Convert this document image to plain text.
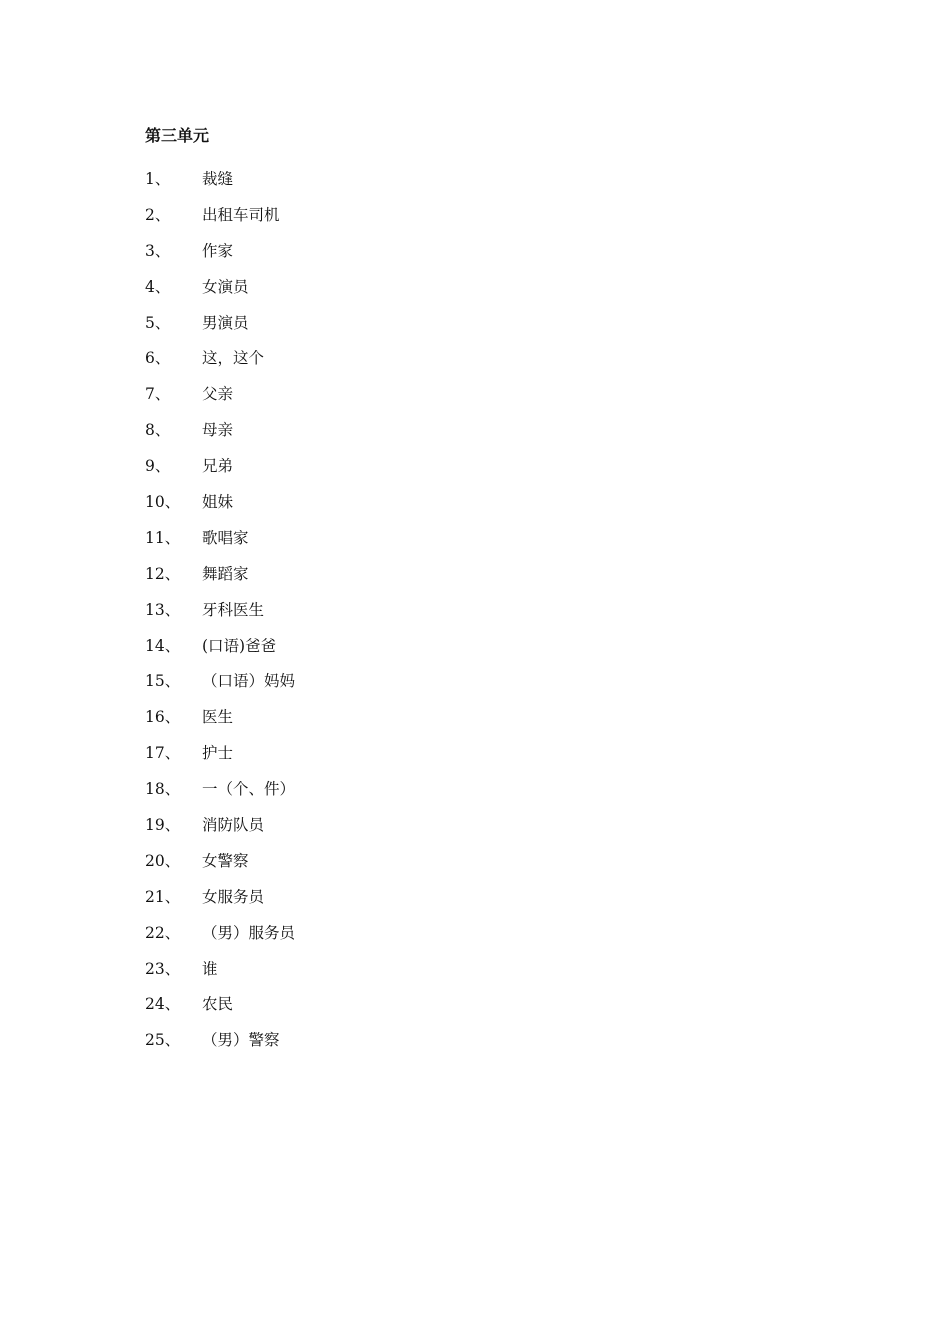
第三单元
1、	裁缝
2、	出租车司机
3、	作家
4、	女演员
5、	男演员
6、	这，这个
7、	父亲
8、	母亲
9、	兄弟
10、	姐妹
11、	歌唱家
12、	舞蹈家
13、	牙科医生
14、	(口语)爸爸
15、	（口语）妈妈
16、	医生
17、	护士
18、	一（个、件）
19、	消防队员
20、	女警察
21、	女服务员
22、	（男）服务员
23、	谁
24、	农民
25、	（男）警察
